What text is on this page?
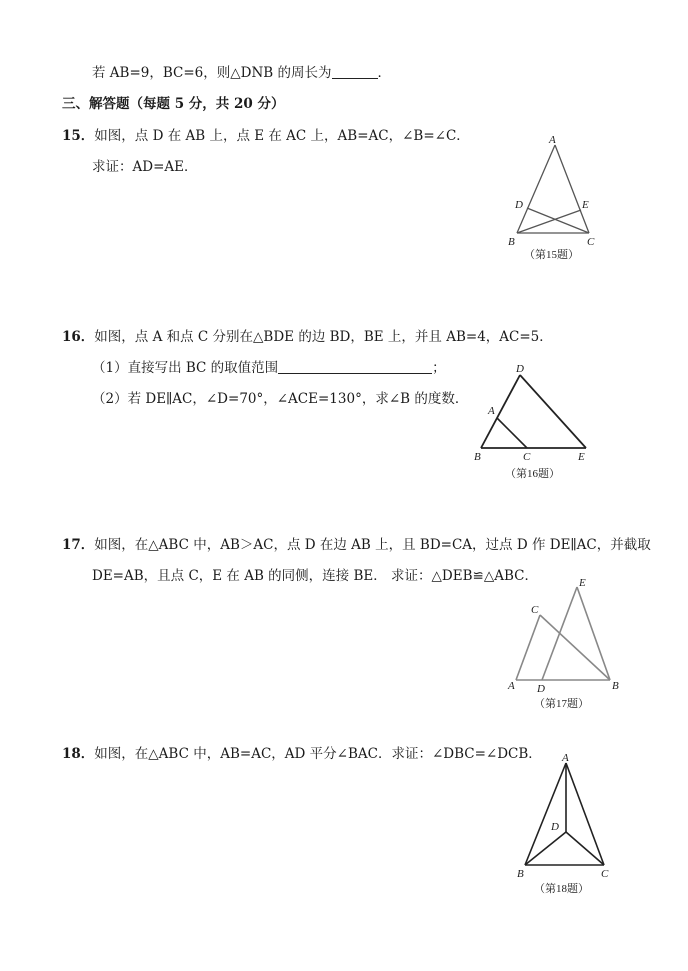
若 AB=9，BC=6，则△DNB 的周长为	．
三、解答题（每题 5 分，共 20 分）
15．如图，点 D 在 AB 上，点 E 在 AC 上，AB=AC，∠B=∠C．
求证：AD=AE．
A
D	E
B	C
（第15题）
16．如图，点 A 和点 C 分别在△BDE 的边 BD，BE 上，并且 AB=4，AC=5．
（1）直接写出 BC 的取值范围	；
（2）若 DE∥AC，∠D=70°，∠ACE=130°，求∠B 的度数．
D
A
B	C	E
（第16题）
17．如图，在△ABC 中，AB＞AC，点 D 在边 AB 上，且 BD=CA，过点 D 作 DE∥AC，并截取
DE=AB，且点 C，E 在 AB 的同侧，连接 BE． 求证：△DEB≌△ABC．	E
C
A D	B
（第17题）
18．如图，在△ABC 中，AB=AC，AD 平分∠BAC．求证：∠DBC=∠DCB． A
D
B	C
（第18题）
